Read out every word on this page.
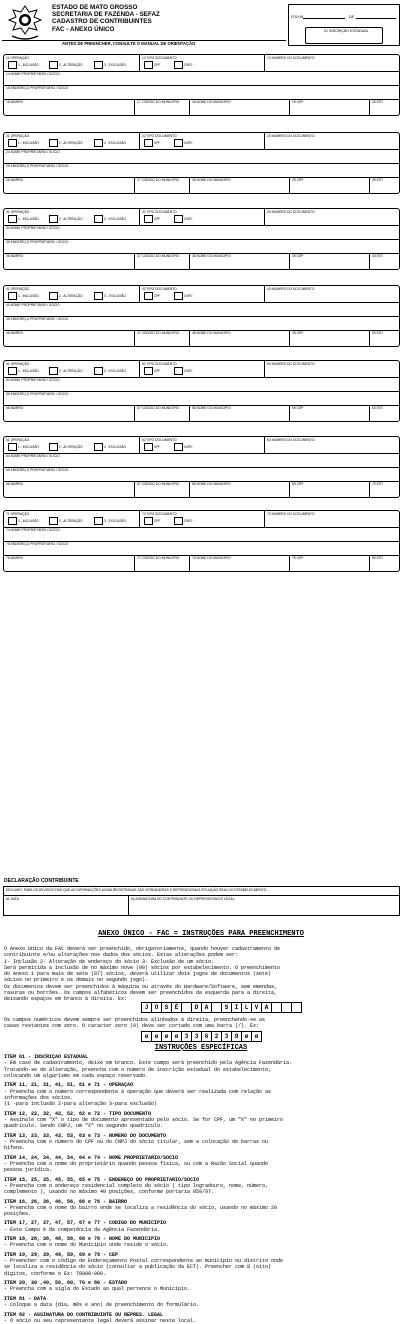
ESTADO DE MATO GROSSO
SECRETARIA DE FAZENDA - SEFAZ
CADASTRO DE CONTRIBUINTES
FAC - ANEXO ÚNICO
FOLHA	DE
01 INSCRIÇÃO ESTADUAL
ANTES DE PREENCHER, CONSULTE O MANUAL DE ORIENTAÇÃO
11 OPERAÇÃO
1 - INCLUSÃO	2 - ALTERAÇÃO	3 - EXCLUSÃO
12 TIPO DOCUMENTO
CPF	CNPJ
13 NÚMERO DO DOCUMENTO
14 NOME PROPRIETÁRIO / SÓCIO
15 ENDEREÇO PROPRIETÁRIO / SÓCIO
16 BAIRRO	17 CÓDIGO DO MUNICÍPIO	18 NOME DO MUNICÍPIO	19 CEP	20 EST.
21 OPERAÇÃO
1 - INCLUSÃO	2 - ALTERAÇÃO	3 - EXCLUSÃO
22 TIPO DOCUMENTO
CPF	CNPJ
23 NÚMERO DO DOCUMENTO
24 NOME PROPRIETÁRIO / SÓCIO
25 ENDEREÇO PROPRIETÁRIO / SÓCIO
26 BAIRRO	27 CÓDIGO DO MUNICÍPIO	28 NOME DO MUNICÍPIO	29 CEP	30 EST.
31 OPERAÇÃO
1 - INCLUSÃO	2 - ALTERAÇÃO	3 - EXCLUSÃO
32 TIPO DOCUMENTO
CPF	CNPJ
33 NÚMERO DO DOCUMENTO
34 NOME PROPRIETÁRIO / SÓCIO
35 ENDEREÇO PROPRIETÁRIO / SÓCIO
36 BAIRRO	37 CÓDIGO DO MUNICÍPIO	38 NOME DO MUNICÍPIO	39 CEP	40 EST.
41 OPERAÇÃO
1 - INCLUSÃO	2 - ALTERAÇÃO	3 - EXCLUSÃO
42 TIPO DOCUMENTO
CPF	CNPJ
43 NÚMERO DO DOCUMENTO
44 NOME PROPRIETÁRIO / SÓCIO
45 ENDEREÇO PROPRIETÁRIO / SÓCIO
46 BAIRRO	47 CÓDIGO DO MUNICÍPIO	48 NOME DO MUNICÍPIO	49 CEP	50 EST.
51 OPERAÇÃO
1 - INCLUSÃO	2 - ALTERAÇÃO	3 - EXCLUSÃO
52 TIPO DOCUMENTO
CPF	CNPJ
53 NÚMERO DO DOCUMENTO
54 NOME PROPRIETÁRIO / SÓCIO
55 ENDEREÇO PROPRIETÁRIO / SÓCIO
56 BAIRRO	57 CÓDIGO DO MUNICÍPIO	58 NOME DO MUNICÍPIO	59 CEP	60 EST.
61 OPERAÇÃO
1 - INCLUSÃO	2 - ALTERAÇÃO	3 - EXCLUSÃO
62 TIPO DOCUMENTO
CPF	CNPJ
63 NÚMERO DO DOCUMENTO
64 NOME PROPRIETÁRIO / SÓCIO
65 ENDEREÇO PROPRIETÁRIO / SÓCIO
66 BAIRRO	67 CÓDIGO DO MUNICÍPIO	68 NOME DO MUNICÍPIO	69 CEP	70 EST.
71 OPERAÇÃO
1 - INCLUSÃO	2 - ALTERAÇÃO	3 - EXCLUSÃO
72 TIPO DOCUMENTO
CPF	CNPJ
73 NÚMERO DO DOCUMENTO
74 NOME PROPRIETÁRIO / SÓCIO
75 ENDEREÇO PROPRIETÁRIO / SÓCIO
76 BAIRRO	77 CÓDIGO DO MUNICÍPIO	78 NOME DO MUNICÍPIO	79 CEP	80 EST.
DECLARAÇÃO CONTRIBUINTE
DECLARO, PARA OS DEVIDOS FINS QUE AS INFORMAÇÕES ACIMA REGISTRADAS SÃO VERDADEIRAS E REPRESENTAM A SITUAÇÃO REAL DO ESTABELECIMENTO.
81 DATA	82 ASSINATURA DO CONTRIBUINTE OU REPRESENTANTE LEGAL
ANEXO ÚNICO - FAC = INSTRUÇÕES PARA PREENCHIMENTO
O Anexo Único da FAC deverá ser preenchido, obrigatoriamente, quando houver cadastramento de
contribuinte e/ou alterações nos dados dos sócios. Estas alterações podem ser:
1- Inclusão 2- Alteração de endereço do sócio 3- Exclusão de um sócio.
Será permitida a inclusão de no máximo nove (09) sócios por estabelecimento. O preenchimento
do Anexo 1 para mais de sete (07) sócios, deverá utilizar dois jogos de documentos (sete)
sócios no primeiro e os demais no segundo jogo).
Os documentos devem ser preenchidos à máquina ou através do Hardware/Software, sem emendas,
rasuras ou borrões. Os campos alfabéticos devem ser preenchidos da esquerda para a direita,
deixando espaços em branco à direita. Ex:
J	O	S	É	D	A	S	I	L	V	A
Os campos numéricos devem sempre ser preenchidos alinhados à direita, preenchendo-se as
casas restantes com zero. O caracter zero (0) deve ser cortado com uma barra (/). Ex:
ø	ø	ø	ø	3	3	6	2	3	9	ø	ø
INSTRUÇÕES ESPECÍFICAS
ITEM 01 - INSCRIÇÃO ESTADUAL
- Em caso de cadastramento, deixe em branco. Este campo será preenchido pela Agência Fazendária.
Tratando-se de alteração, preencha com o número de inscrição estadual do estabelecimento,
colocando um algarismo em cada espaço reservado.
ITEM 11, 21, 31, 41, 51, 61 e 71 - OPERAÇÃO
- Preencha com o número correspondente à operação que deverá ser realizada com relação as
informações dos sócios.
(1 -para inclusão 2-para alteração 3-para exclusão)
ITEM 12, 22, 32, 42, 52, 62 e 72 - TIPO DOCUMENTO
- Assinale com "X" o tipo de documento apresentado pelo sócio. Se for CPF, um "X" no primeiro
quadrículo. Sendo CNPJ, um "X" no segundo quadrículo.
ITEM 13, 23, 33, 43, 53, 63 e 73 - NÚMERO DO DOCUMENTO
- Preencha com o número do CPF ou do CNPJ do sócio titular, sem a colocação de barras ou
hífens.
ITEM 14, 24, 34, 44, 54, 64 e 74 - NOME PROPRIETÁRIO/SÓCIO
- Preencha com o nome do proprietário quando pessoa física, ou com a Razão Social quando
pessoa jurídica.
ITEM 15, 25, 35, 45, 55, 65 e 75 - ENDEREÇO DO PROPRIETÁRIO/SÓCIO
- Preencha com o endereço residencial completo do sócio ( tipo logradouro, nome, número,
complemento ), usando no máximo 40 posições, conforme portaria 059/97.
ITEM 16, 26, 36, 46, 56, 66 e 76 - BAIRRO
- Preencha com o nome do bairro onde se localiza a residência do sócio, usando no máximo 20
posições.
ITEM 17, 27, 37, 47, 57, 67 e 77 - CÓDIGO DO MUNICÍPIO
- Este Campo é de competência da Agência Fazendária.
ITEM 18, 28, 38, 48, 58, 68 e 78 - NOME DO MUNICÍPIO
- Preencha com o nome do Município onde reside o sócio.
ITEM 19, 29, 39, 49, 59, 69 e 79 - CEP
- Preencher com o código de Endereçamento Postal correspondente ao município ou distrito onde
se localiza a residência do sócio (consultar a publicação da ECT). Preencher com 8 (oito)
dígitos, conforme o Ex: 78000-000.
ITEM 20, 30 ,40, 50, 60, 70 e 80 - ESTADO
- Preencha com a sigla do Estado ao qual pertence o Município.
ITEM 81 - DATA
- Coloque a data (dia, mês e ano) de preenchimento do formulário.
ITEM 82 - ASSINATURA DO CONTRIBUINTE OU REPRES. LEGAL
- O sócio ou seu representante legal deverá assinar neste local.
